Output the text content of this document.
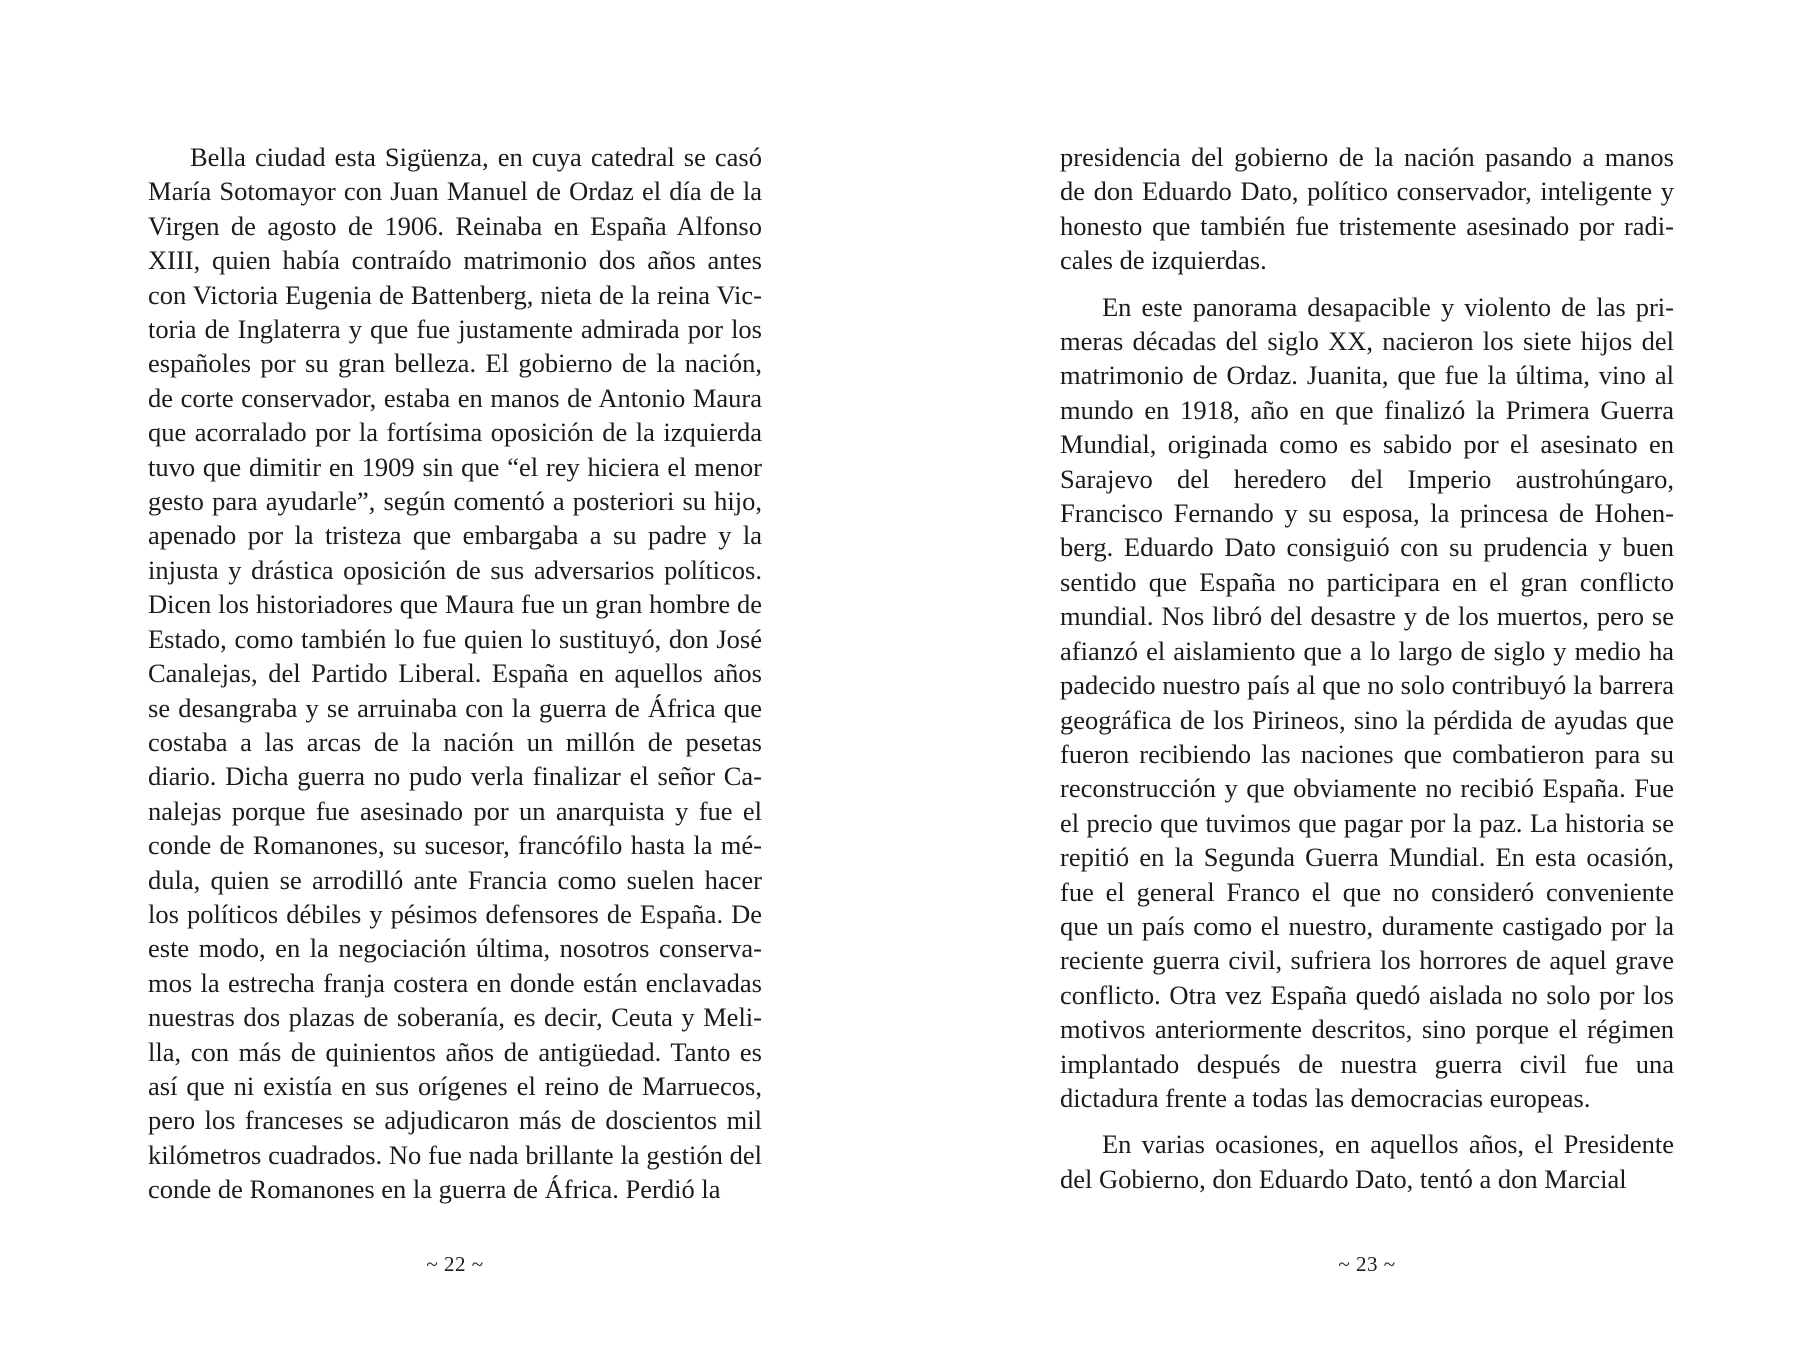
Bella ciudad esta Sigüenza, en cuya catedral se casó María Sotomayor con Juan Manuel de Ordaz el día de la Virgen de agosto de 1906. Reinaba en España Alfonso XIII, quien había contraído matrimonio dos años antes con Victoria Eugenia de Battenberg, nieta de la reina Victoria de Inglaterra y que fue justamente admirada por los españoles por su gran belleza. El gobierno de la nación, de corte conservador, estaba en manos de Antonio Maura que acorralado por la fortísima oposición de la izquierda tuvo que dimitir en 1909 sin que “el rey hiciera el menor gesto para ayudarle”, según comentó a posteriori su hijo, apenado por la tristeza que embargaba a su padre y la injusta y drástica oposición de sus adversarios políticos. Dicen los historiadores que Maura fue un gran hombre de Estado, como también lo fue quien lo sustituyó, don José Canalejas, del Partido Liberal. España en aquellos años se desangraba y se arruinaba con la guerra de África que costaba a las arcas de la nación un millón de pesetas diario. Dicha guerra no pudo verla finalizar el señor Canalejas porque fue asesinado por un anarquista y fue el conde de Romanones, su sucesor, francófilo hasta la médula, quien se arrodilló ante Francia como suelen hacer los políticos débiles y pésimos defensores de España. De este modo, en la negociación última, nosotros conservamos la estrecha franja costera en donde están enclavadas nuestras dos plazas de soberanía, es decir, Ceuta y Melilla, con más de quinientos años de antigüedad. Tanto es así que ni existía en sus orígenes el reino de Marruecos, pero los franceses se adjudicaron más de doscientos mil kilómetros cuadrados. No fue nada brillante la gestión del conde de Romanones en la guerra de África. Perdió la

~ 22 ~

presidencia del gobierno de la nación pasando a manos de don Eduardo Dato, político conservador, inteligente y honesto que también fue tristemente asesinado por radicales de izquierdas.

En este panorama desapacible y violento de las primeras décadas del siglo XX, nacieron los siete hijos del matrimonio de Ordaz. Juanita, que fue la última, vino al mundo en 1918, año en que finalizó la Primera Guerra Mundial, originada como es sabido por el asesinato en Sarajevo del heredero del Imperio austrohúngaro, Francisco Fernando y su esposa, la princesa de Hohenberg. Eduardo Dato consiguió con su prudencia y buen sentido que España no participara en el gran conflicto mundial. Nos libró del desastre y de los muertos, pero se afianzó el aislamiento que a lo largo de siglo y medio ha padecido nuestro país al que no solo contribuyó la barrera geográfica de los Pirineos, sino la pérdida de ayudas que fueron recibiendo las naciones que combatieron para su reconstrucción y que obviamente no recibió España. Fue el precio que tuvimos que pagar por la paz. La historia se repitió en la Segunda Guerra Mundial. En esta ocasión, fue el general Franco el que no consideró conveniente que un país como el nuestro, duramente castigado por la reciente guerra civil, sufriera los horrores de aquel grave conflicto. Otra vez España quedó aislada no solo por los motivos anteriormente descritos, sino porque el régimen implantado después de nuestra guerra civil fue una dictadura frente a todas las democracias europeas.

En varias ocasiones, en aquellos años, el Presidente del Gobierno, don Eduardo Dato, tentó a don Marcial

~ 23 ~
